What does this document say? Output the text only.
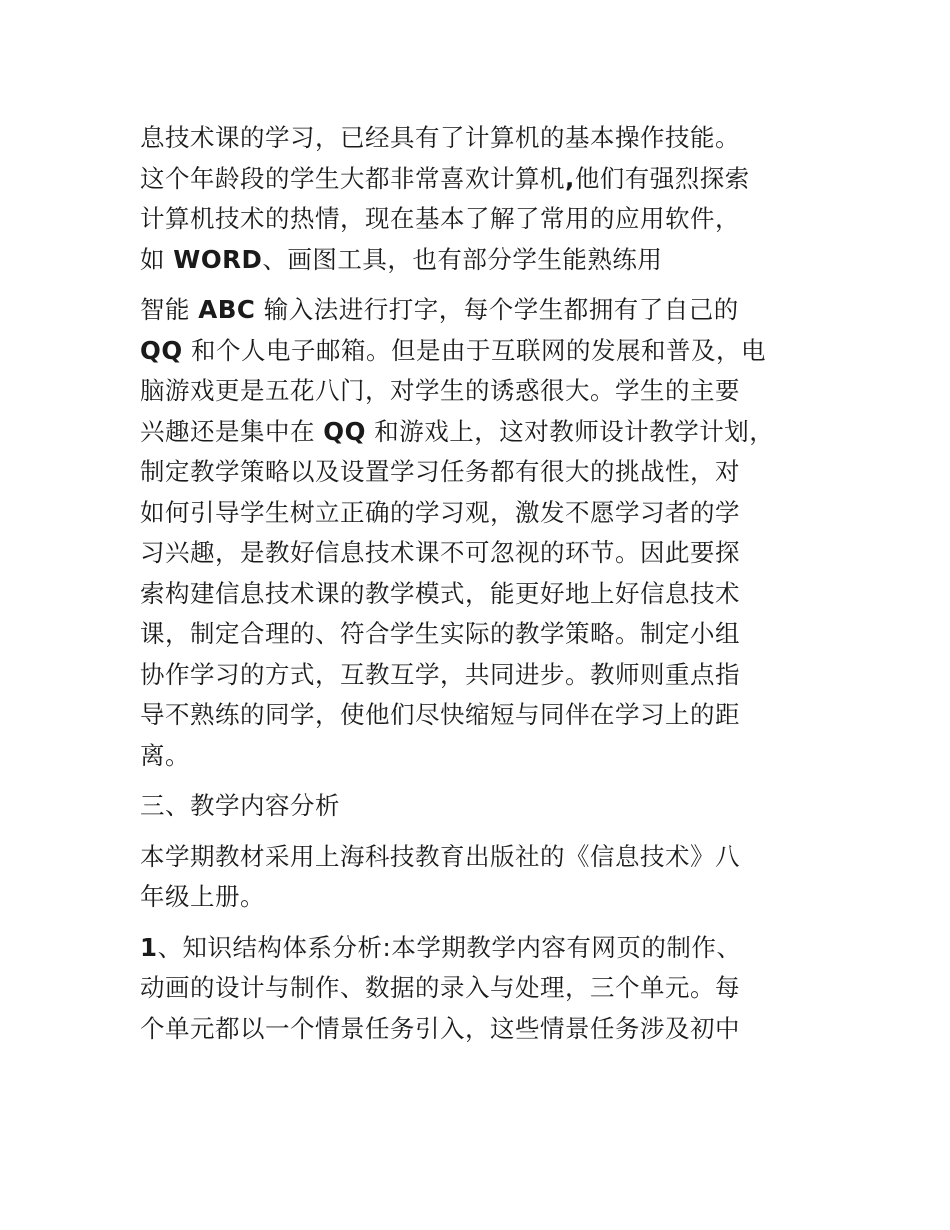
息技术课的学习，已经具有了计算机的基本操作技能。
这个年龄段的学生大都非常喜欢计算机,他们有强烈探索
计算机技术的热情，现在基本了解了常用的应用软件，
如 WORD、画图工具，也有部分学生能熟练用

智能 ABC 输入法进行打字，每个学生都拥有了自己的
QQ 和个人电子邮箱。但是由于互联网的发展和普及，电
脑游戏更是五花八门，对学生的诱惑很大。学生的主要
兴趣还是集中在 QQ 和游戏上，这对教师设计教学计划，
制定教学策略以及设置学习任务都有很大的挑战性，对
如何引导学生树立正确的学习观，激发不愿学习者的学
习兴趣，是教好信息技术课不可忽视的环节。因此要探
索构建信息技术课的教学模式，能更好地上好信息技术
课，制定合理的、符合学生实际的教学策略。制定小组
协作学习的方式，互教互学，共同进步。教师则重点指
导不熟练的同学，使他们尽快缩短与同伴在学习上的距
离。

三、教学内容分析

本学期教材采用上海科技教育出版社的《信息技术》八
年级上册。

1、知识结构体系分析:本学期教学内容有网页的制作、
动画的设计与制作、数据的录入与处理，三个单元。每
个单元都以一个情景任务引入，这些情景任务涉及初中
